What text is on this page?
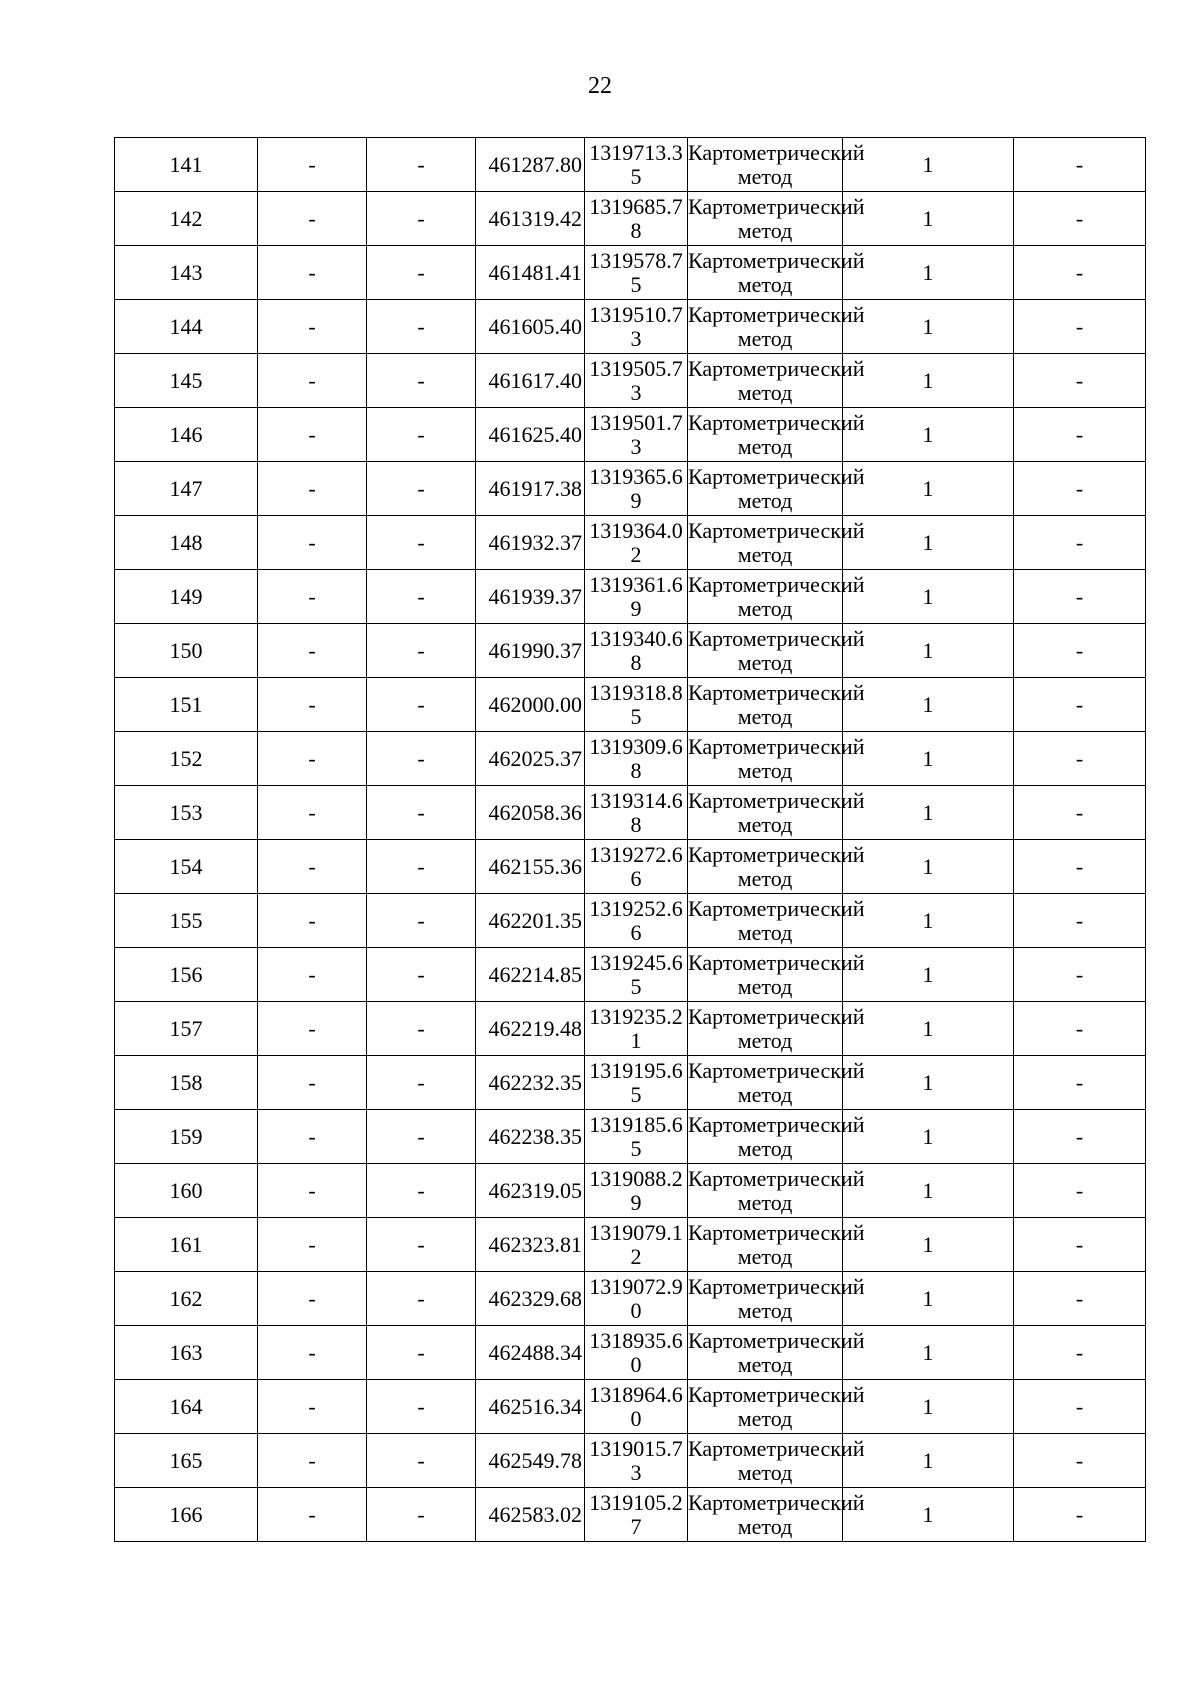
22
141	-	-	461287.80	1319713.35	Картометрический метод	1	-
142	-	-	461319.42	1319685.78	Картометрический метод	1	-
143	-	-	461481.41	1319578.75	Картометрический метод	1	-
144	-	-	461605.40	1319510.73	Картометрический метод	1	-
145	-	-	461617.40	1319505.73	Картометрический метод	1	-
146	-	-	461625.40	1319501.73	Картометрический метод	1	-
147	-	-	461917.38	1319365.69	Картометрический метод	1	-
148	-	-	461932.37	1319364.02	Картометрический метод	1	-
149	-	-	461939.37	1319361.69	Картометрический метод	1	-
150	-	-	461990.37	1319340.68	Картометрический метод	1	-
151	-	-	462000.00	1319318.85	Картометрический метод	1	-
152	-	-	462025.37	1319309.68	Картометрический метод	1	-
153	-	-	462058.36	1319314.68	Картометрический метод	1	-
154	-	-	462155.36	1319272.66	Картометрический метод	1	-
155	-	-	462201.35	1319252.66	Картометрический метод	1	-
156	-	-	462214.85	1319245.65	Картометрический метод	1	-
157	-	-	462219.48	1319235.21	Картометрический метод	1	-
158	-	-	462232.35	1319195.65	Картометрический метод	1	-
159	-	-	462238.35	1319185.65	Картометрический метод	1	-
160	-	-	462319.05	1319088.29	Картометрический метод	1	-
161	-	-	462323.81	1319079.12	Картометрический метод	1	-
162	-	-	462329.68	1319072.90	Картометрический метод	1	-
163	-	-	462488.34	1318935.60	Картометрический метод	1	-
164	-	-	462516.34	1318964.60	Картометрический метод	1	-
165	-	-	462549.78	1319015.73	Картометрический метод	1	-
166	-	-	462583.02	1319105.27	Картометрический метод	1	-
